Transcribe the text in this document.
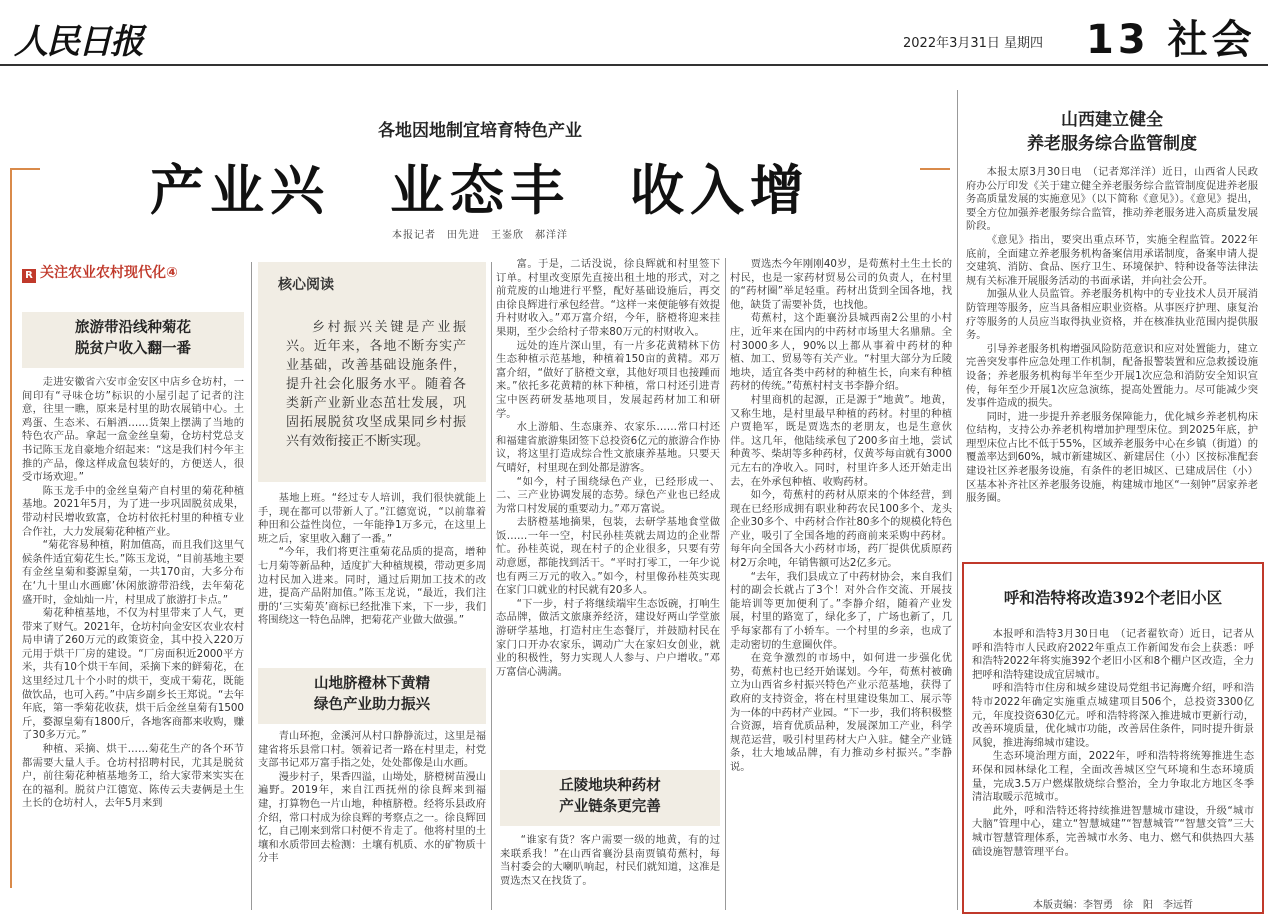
人民日报	2022年3月31日 星期四 13 社会
各地因地制宜培育特色产业
产业兴　业态丰　收入增
本报记者　田先进　王崟欣　郝洋洋
R 关注农业农村现代化④
旅游带沿线种菊花
脱贫户收入翻一番

走进安徽省六安市金安区中店乡仓坊村，一间印有“寻味仓坊”标识的小屋引起了记者的注意，往里一瞧，原来是村里的助农展销中心。土鸡蛋、生态米、石斛酒……货架上摆满了当地的特色农产品。拿起一盒金丝皇菊，仓坊村党总支书记陈玉龙自豪地介绍起来：“这是我们村今年主推的产品，像这样成盒包装好的，方便送人，很受市场欢迎。”

陈玉龙手中的金丝皇菊产自村里的菊花种植基地。2021年5月，为了进一步巩固脱贫成果，带动村民增收致富，仓坊村依托村里的种植专业合作社，大力发展菊花种植产业。

“菊花容易种植，附加值高，而且我们这里气候条件适宜菊花生长。”陈玉龙说，“目前基地主要有金丝皇菊和婺源皇菊，一共170亩，大多分布在‘九十里山水画廊’休闲旅游带沿线，去年菊花盛开时，金灿灿一片，村里成了旅游打卡点。”

菊花种植基地，不仅为村里带来了人气，更带来了财气。2021年，仓坊村向金安区农业农村局申请了260万元的政策资金，其中投入220万元用于烘干厂房的建设。“厂房面积近2000平方米，共有10个烘干车间，采摘下来的鲜菊花，在这里经过几十个小时的烘干，变成干菊花，既能做饮品，也可入药。”中店乡副乡长王郑说。“去年年底，第一季菊花收获，烘干后金丝皇菊有1500斤，婺源皇菊有1800斤，各地客商都来收购，赚了30多万元。”

种植、采摘、烘干……菊花生产的各个环节都需要大量人手。仓坊村招聘村民，尤其是脱贫户，前往菊花种植基地务工，给大家带来实实在在的福利。脱贫户江德宽、陈传云夫妻俩是土生土长的仓坊村人，去年5月来到

核心阅读
乡村振兴关键是产业振兴。近年来，各地不断夯实产业基础，改善基础设施条件，提升社会化服务水平。随着各类新产业新业态茁壮发展，巩固拓展脱贫攻坚成果同乡村振兴有效衔接正不断实现。

基地上班。“经过专人培训，我们很快就能上手，现在都可以带新人了。”江德宽说，“以前靠着种田和公益性岗位，一年能挣1万多元，在这里上班之后，家里收入翻了一番。”

“今年，我们将更注重菊花品质的提高，增种七月菊等新品种，适度扩大种植规模，带动更多周边村民加入进来。同时，通过后期加工技术的改进，提高产品附加值。”陈玉龙说，“最近，我们注册的‘三实菊英’商标已经批准下来，下一步，我们将围绕这一特色品牌，把菊花产业做大做强。”

山地脐橙林下黄精
绿色产业助力振兴

青山环抱，金溪河从村口静静流过，这里是福建省将乐县常口村。领着记者一路在村里走，村党支部书记邓万富手指之处，处处都像是山水画。

漫步村子，果香四溢，山坳处，脐橙树苗漫山遍野。2019年，来自江西抚州的徐良辉来到福建，打算物色一片山地，种植脐橙。经将乐县政府介绍，常口村成为徐良辉的考察点之一。徐良辉回忆，自己刚来到常口村便不肯走了。他将村里的土壤和水质带回去检测：土壤有机质、水的矿物质十分丰

富。于是，二话没说，徐良辉就和村里签下订单。村里改变原先直接出租土地的形式，对之前荒废的山地进行平整，配好基础设施后，再交由徐良辉进行承包经营。“这样一来便能够有效提升村财收入。”邓万富介绍，今年，脐橙将迎来挂果期，至少会给村子带来80万元的村财收入。

远处的连片深山里，有一片多花黄精林下仿生态种植示范基地，种植着150亩的黄精。邓万富介绍，“做好了脐橙文章，其他好项目也接踵而来。”依托多花黄精的林下种植，常口村还引进青宝中医药研发基地项目，发展起药材加工和研学。

水上游船、生态康养、农家乐……常口村还和福建省旅游集团签下总投资6亿元的旅游合作协议，将这里打造成综合性文旅康养基地。只要天气晴好，村里现在到处都是游客。

“如今，村子围绕绿色产业，已经形成一、二、三产业协调发展的态势。绿色产业也已经成为常口村发展的重要动力。”邓万富说。

去脐橙基地摘果，包装，去研学基地食堂做饭……一年一空，村民孙桂英就去周边的企业帮忙。孙桂英说，现在村子的企业很多，只要有劳动意愿，都能找到活干。“平时打零工，一年少说也有两三万元的收入。”如今，村里像孙桂英实现在家门口就业的村民就有20多人。

“下一步，村子将继续端牢生态饭碗，打响生态品牌，做活文旅康养经济，建设好两山学堂旅游研学基地，打造村庄生态餐厅，并鼓励村民在家门口开办农家乐，调动广大在家妇女创业，就业的积极性，努力实现人人参与、户户增收。”邓万富信心满满。

丘陵地块种药材
产业链条更完善

“谁家有货？客户需要一级的地黄，有的过来联系我！”在山西省襄汾县南贾镇荀蕉村，每当村委会的大喇叭响起，村民们就知道，这准是贾选杰又在找货了。

贾选杰今年刚刚40岁，是荀蕉村土生土长的村民，也是一家药材贸易公司的负责人，在村里的“药材圈”举足轻重。药材出货到全国各地，找他，缺货了需要补货，也找他。

荀蕉村，这个距襄汾县城西南2公里的小村庄，近年来在国内的中药材市场里大名鼎鼎。全村3000多人，90%以上都从事着中药材的种植、加工、贸易等有关产业。“村里大部分为丘陵地块，适宜各类中药材的种植生长，向来有种植药材的传统。”荀蕉村村支书李静介绍。

村里商机的起源，正是源于“地黄”。地黄，又称生地，是村里最早种植的药材。村里的种植户贾艳军，既是贾选杰的老朋友，也是生意伙伴。这几年，他陆续承包了200多亩土地，尝试种黄芩、柴胡等多种药材，仅黄芩每亩就有3000元左右的净收入。同时，村里许多人还开始走出去，在外承包种植、收购药材。

如今，荀蕉村的药材从原来的个体经营，到现在已经形成拥有职业种药农民100多个、龙头企业30多个、中药材合作社80多个的规模化特色产业，吸引了全国各地的药商前来采购中药材。每年向全国各大小药材市场，药厂提供优质原药材2万余吨，年销售额可达2亿多元。

“去年，我们县成立了中药材协会，来自我们村的副会长就占了3个！对外合作交流、开展技能培训等更加便利了。”李静介绍，随着产业发展，村里的路宽了，绿化多了，广场也新了，几乎每家都有了小轿车。一个村里的乡亲，也成了走动密切的生意圈伙伴。

在竞争激烈的市场中，如何进一步强化优势，荀蕉村也已经开始谋划。今年，荀蕉村被确立为山西省乡村振兴特色产业示范基地，获得了政府的支持资金，将在村里建设集加工、展示等为一体的中药材产业园。“下一步，我们将积极整合资源，培育优质品种，发展深加工产业，科学规范运营，吸引村里药材大户入驻。健全产业链条，壮大地域品牌，有力推动乡村振兴。”李静说。

山西建立健全
养老服务综合监管制度

本报太原3月30日电　（记者郑洋洋）近日，山西省人民政府办公厅印发《关于建立健全养老服务综合监管制度促进养老服务高质量发展的实施意见》（以下简称《意见》）。《意见》提出，要全方位加强养老服务综合监管，推动养老服务进入高质量发展阶段。

《意见》指出，要突出重点环节，实施全程监管。2022年底前，全面建立养老服务机构备案信用承诺制度，备案申请人提交建筑、消防、食品、医疗卫生、环境保护、特种设备等法律法规有关标准开展服务活动的书面承诺，并向社会公开。

加强从业人员监管。养老服务机构中的专业技术人员开展消防管理等服务，应当具备相应职业资格。从事医疗护理、康复治疗等服务的人员应当取得执业资格，并在核准执业范围内提供服务。

引导养老服务机构增强风险防范意识和应对处置能力，建立完善突发事件应急处理工作机制，配备报警装置和应急救援设施设备；养老服务机构每半年至少开展1次应急和消防安全知识宣传，每年至少开展1次应急演练，提高处置能力。尽可能减少突发事件造成的损失。

同时，进一步提升养老服务保障能力，优化城乡养老机构床位结构，支持公办养老机构增加护理型床位。到2025年底，护理型床位占比不低于55%，区域养老服务中心在乡镇（街道）的覆盖率达到60%，城市新建城区、新建居住（小）区按标准配套建设社区养老服务设施，有条件的老旧城区、已建成居住（小）区基本补齐社区养老服务设施，构建城市地区“一刻钟”居家养老服务圈。

呼和浩特将改造392个老旧小区

本报呼和浩特3月30日电　（记者翟钦奇）近日，记者从呼和浩特市人民政府2022年重点工作新闻发布会上获悉：呼和浩特2022年将实施392个老旧小区和8个棚户区改造，全力把呼和浩特建设成宜居城市。

呼和浩特市住房和城乡建设局党组书记海鹰介绍，呼和浩特市2022年确定实施重点城建项目506个，总投资3300亿元，年度投资630亿元。呼和浩特将深入推进城市更新行动，改善环境质量，优化城市功能，改善居住条件，同时提升街景风貌，推进海绵城市建设。

生态环境治理方面，2022年，呼和浩特将统筹推进生态环保和园林绿化工程，全面改善城区空气环境和生态环境质量，完成3.5万户燃煤散烧综合整治，全力争取北方地区冬季清洁取暖示范城市。

此外，呼和浩特还将持续推进智慧城市建设，升级“城市大脑”管理中心，建立“智慧城建”“智慧城管”“智慧交管”三大城市智慧管理体系，完善城市水务、电力、燃气和供热四大基础设施智慧管理平台。

本版责编：李智勇　徐　阳　李远哲
